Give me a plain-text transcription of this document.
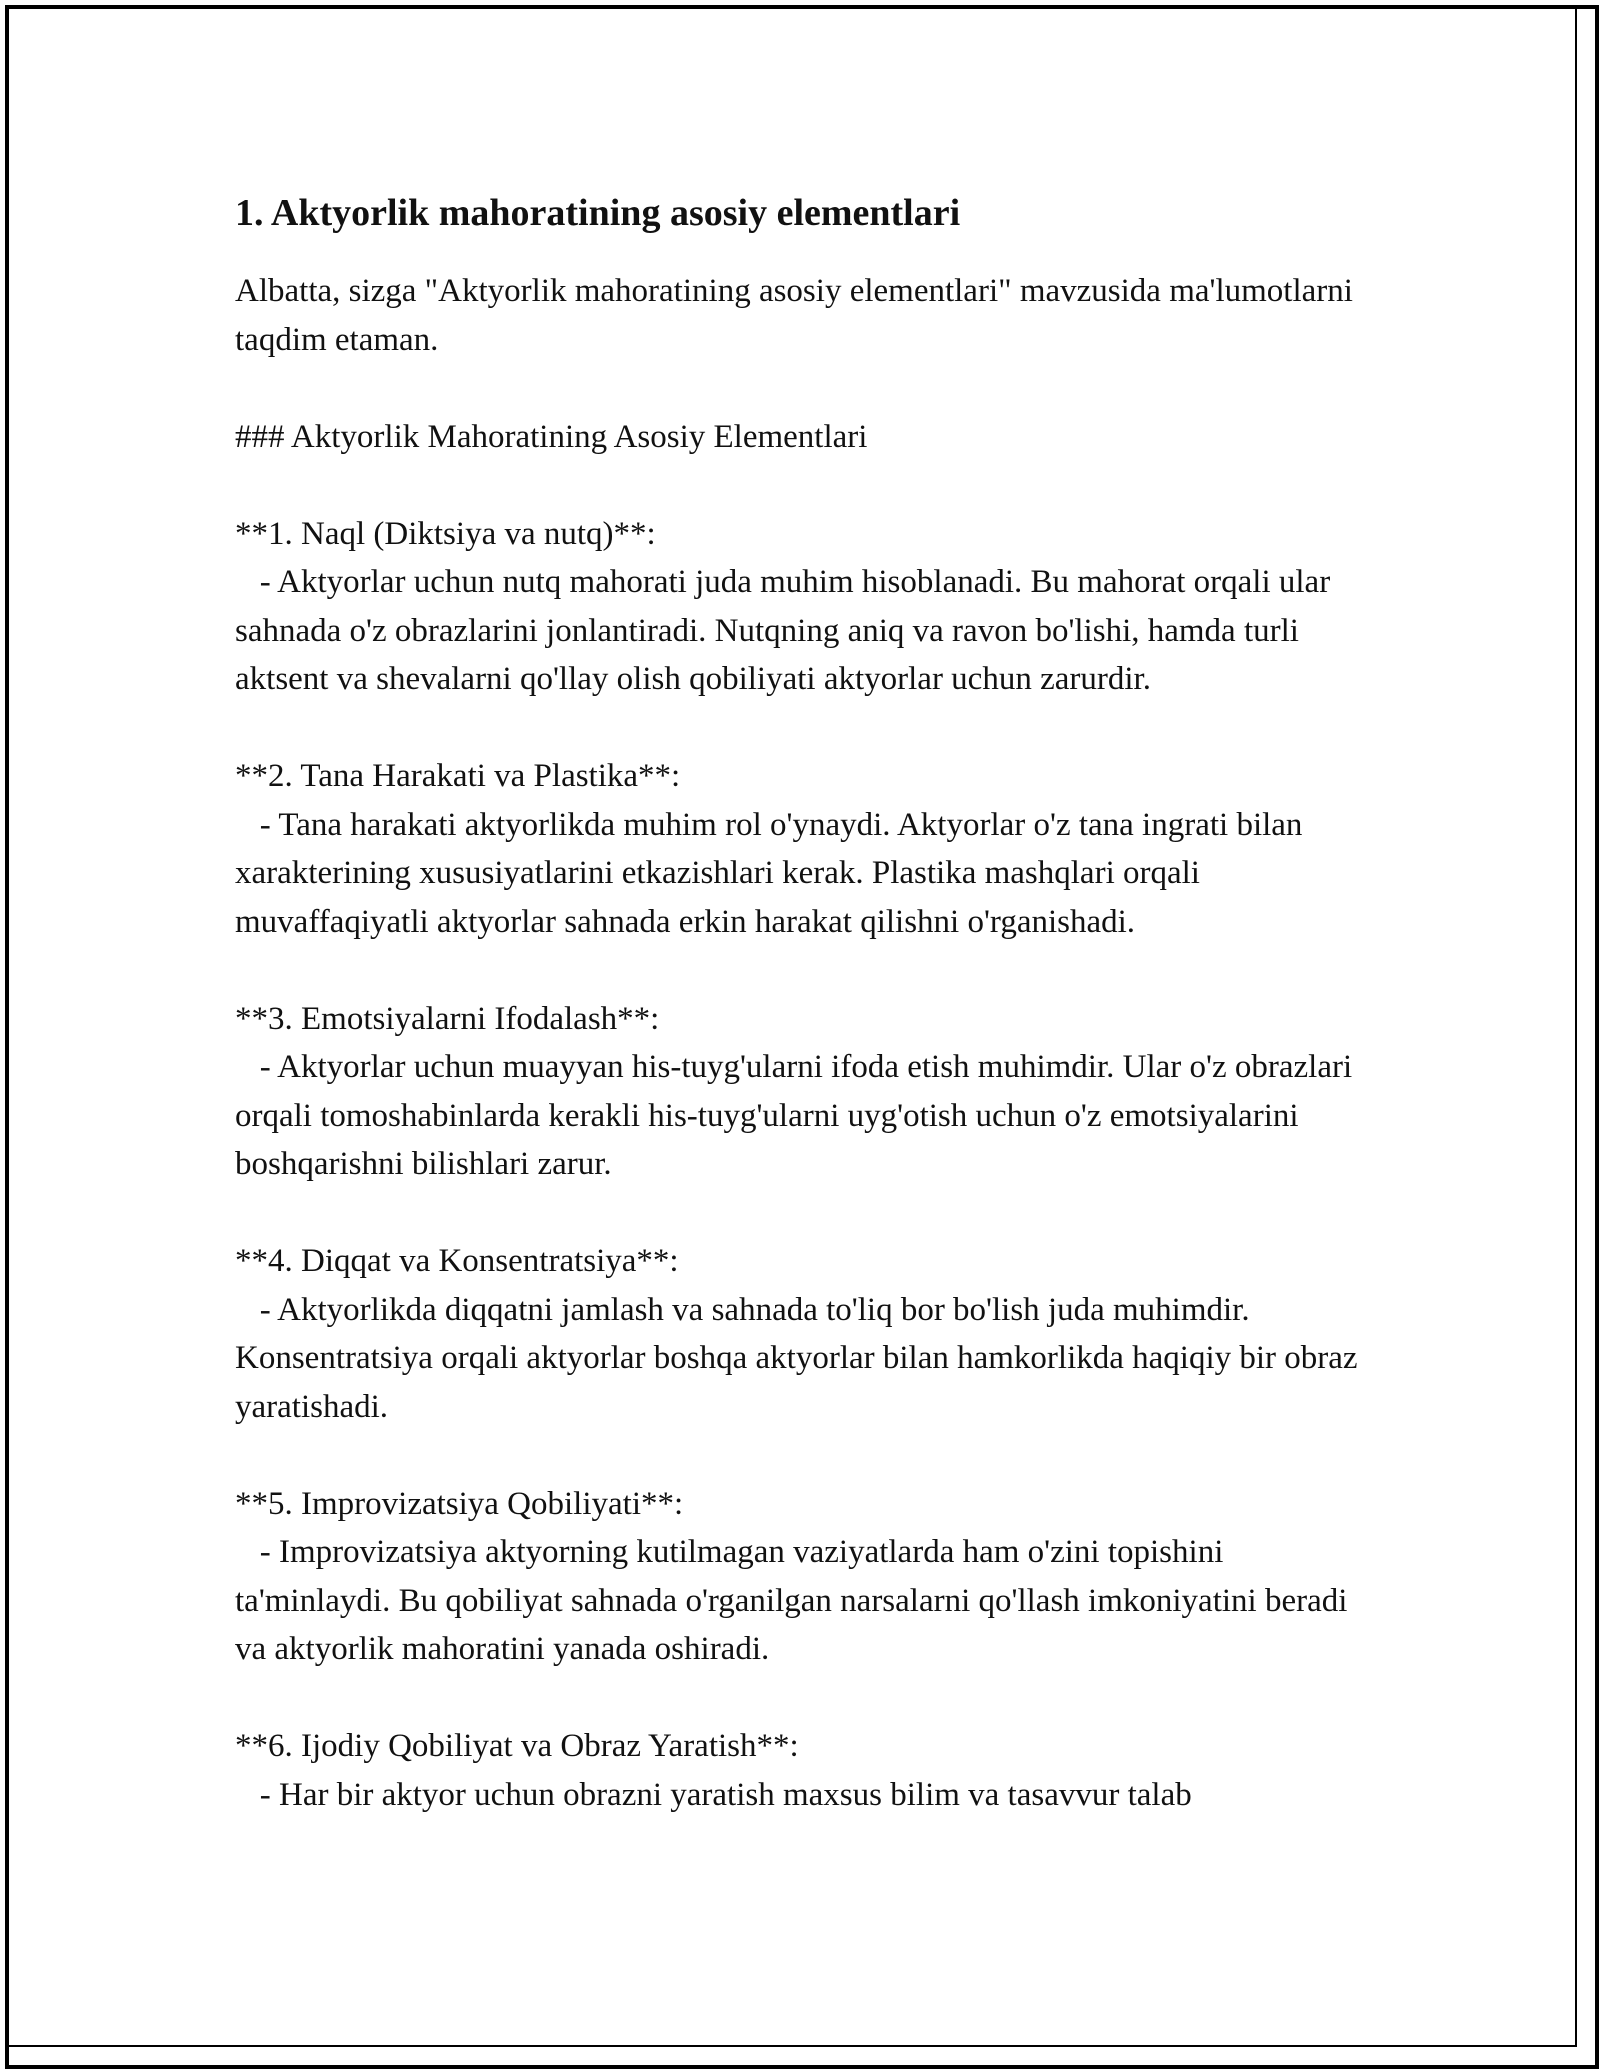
1. Aktyorlik mahoratining asosiy elementlari

Albatta, sizga "Aktyorlik mahoratining asosiy elementlari" mavzusida ma'lumotlarni taqdim etaman.

### Aktyorlik Mahoratining Asosiy Elementlari

**1. Naql (Diktsiya va nutq)**:

- Aktyorlar uchun nutq mahorati juda muhim hisoblanadi. Bu mahorat orqali ular sahnada o'z obrazlarini jonlantiradi. Nutqning aniq va ravon bo'lishi, hamda turli aktsent va shevalarni qo'llay olish qobiliyati aktyorlar uchun zarurdir.

**2. Tana Harakati va Plastika**:

- Tana harakati aktyorlikda muhim rol o'ynaydi. Aktyorlar o'z tana ingrati bilan xarakterining xususiyatlarini etkazishlari kerak. Plastika mashqlari orqali muvaffaqiyatli aktyorlar sahnada erkin harakat qilishni o'rganishadi.

**3. Emotsiyalarni Ifodalash**:

- Aktyorlar uchun muayyan his-tuyg'ularni ifoda etish muhimdir. Ular o'z obrazlari orqali tomoshabinlarda kerakli his-tuyg'ularni uyg'otish uchun o'z emotsiyalarini boshqarishni bilishlari zarur.

**4. Diqqat va Konsentratsiya**:

- Aktyorlikda diqqatni jamlash va sahnada to'liq bor bo'lish juda muhimdir. Konsentratsiya orqali aktyorlar boshqa aktyorlar bilan hamkorlikda haqiqiy bir obraz yaratishadi.

**5. Improvizatsiya Qobiliyati**:

- Improvizatsiya aktyorning kutilmagan vaziyatlarda ham o'zini topishini ta'minlaydi. Bu qobiliyat sahnada o'rganilgan narsalarni qo'llash imkoniyatini beradi va aktyorlik mahoratini yanada oshiradi.

**6. Ijodiy Qobiliyat va Obraz Yaratish**:

- Har bir aktyor uchun obrazni yaratish maxsus bilim va tasavvur talab
